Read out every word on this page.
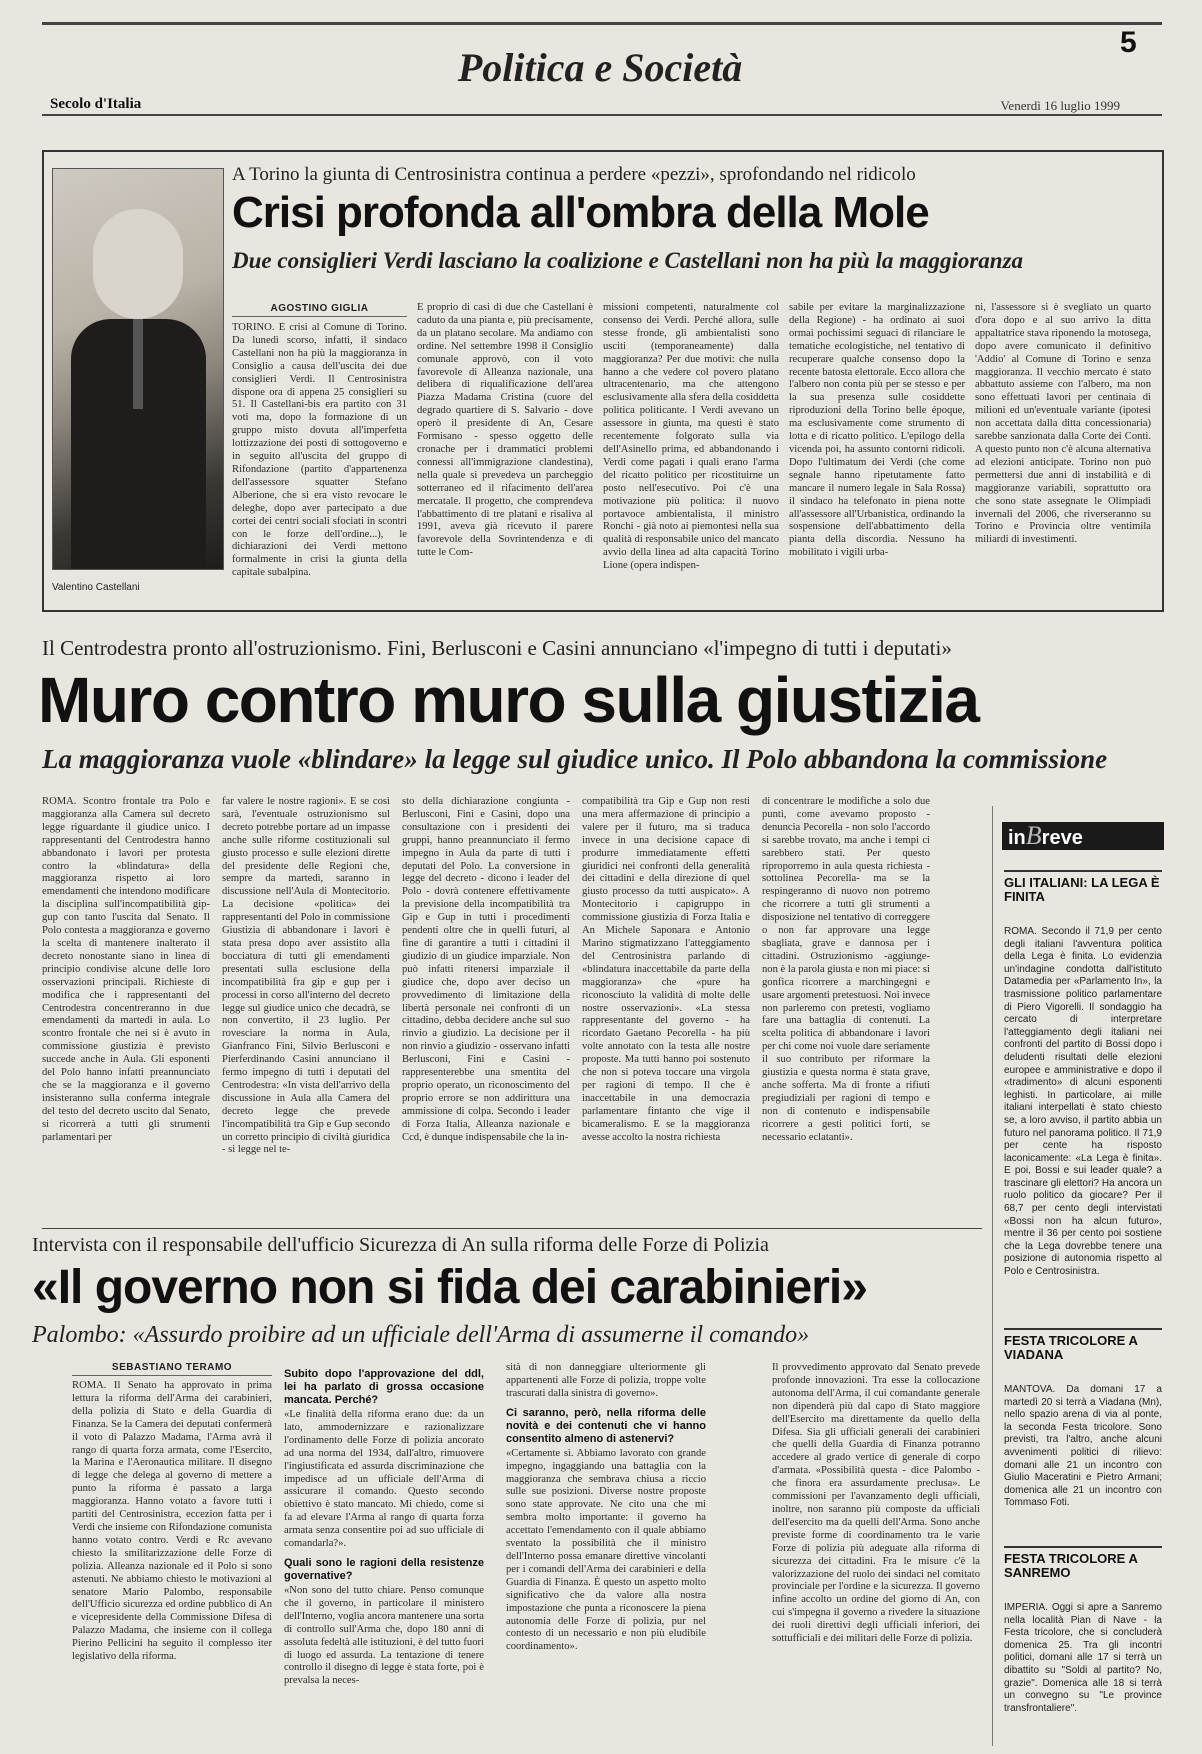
Politica e Società
5
Secolo d'Italia	Venerdì 16 luglio 1999
Valentino Castellani
A Torino la giunta di Centrosinistra continua a perdere «pezzi», sprofondando nel ridicolo
Crisi profonda all'ombra della Mole
Due consiglieri Verdi lasciano la coalizione e Castellani non ha più la maggioranza
AGOSTINO GIGLIA
TORINO. È crisi al Comune di Torino. Da lunedì scorso, infatti, il sindaco Castellani non ha più la maggioranza in Consiglio a causa dell'uscita dei due consiglieri Verdi. Il Centrosinistra dispone ora di appena 25 consiglieri su 51. Il Castellani-bis era partito con 31 voti ma, dopo la formazione di un gruppo misto dovuta all'imperfetta lottizzazione dei posti di sottogoverno e in seguito all'uscita del gruppo di Rifondazione (partito d'appartenenza dell'assessore squatter Stefano Alberione, che si era visto revocare le deleghe, dopo aver partecipato a due cortei dei centri sociali sfociati in scontri con le forze dell'ordine...), le dichiarazioni dei Verdi mettono formalmente in crisi la giunta della capitale subalpina.
E proprio di casi di due che Castellani è caduto da una pianta e, più precisamente, da un platano secolare. Ma andiamo con ordine. Nel settembre 1998 il Consiglio comunale approvò, con il voto favorevole di Alleanza nazionale, una delibera di riqualificazione dell'area Piazza Madama Cristina (cuore del degrado quartiere di S. Salvario - dove operò il presidente di An, Cesare Formisano - spesso oggetto delle cronache per i drammatici problemi connessi all'immigrazione clandestina), nella quale si prevedeva un parcheggio sotterraneo ed il rifacimento dell'area mercatale. Il progetto, che comprendeva l'abbattimento di tre platani e risaliva al 1991, aveva già ricevuto il parere favorevole della Sovrintendenza e di tutte le Com-
missioni competenti, naturalmente col consenso dei Verdi. Perché allora, sulle stesse fronde, gli ambientalisti sono usciti (temporaneamente) dalla maggioranza? Per due motivi: che nulla hanno a che vedere col povero platano ultracentenario, ma che attengono esclusivamente alla sfera della cosiddetta politica politicante. I Verdi avevano un assessore in giunta, ma questi è stato recentemente folgorato sulla via dell'Asinello prima, ed abbandonando i Verdi come pagati i quali erano l'arma del ricatto politico per ricostituirne un posto nell'esecutivo. Poi c'è una motivazione più politica: il nuovo portavoce ambientalista, il ministro Ronchi - già noto ai piemontesi nella sua qualità di responsabile unico del mancato avvio della linea ad alta capacità Torino Lione (opera indispen-
sabile per evitare la marginalizzazione della Regione) - ha ordinato ai suoi ormai pochissimi seguaci di rilanciare le tematiche ecologistiche, nel tentativo di recuperare qualche consenso dopo la recente batosta elettorale. Ecco allora che l'albero non conta più per se stesso e per la sua presenza sulle cosiddette riproduzioni della Torino belle époque, ma esclusivamente come strumento di lotta e di ricatto politico. L'epilogo della vicenda poi, ha assunto contorni ridicoli. Dopo l'ultimatum dei Verdi (che come segnale hanno ripetutamente fatto mancare il numero legale in Sala Rossa) il sindaco ha telefonato in piena notte all'assessore all'Urbanistica, ordinando la sospensione dell'abbattimento della pianta della discordia. Nessuno ha mobilitato i vigili urba-
ni, l'assessore si è svegliato un quarto d'ora dopo e al suo arrivo la ditta appaltatrice stava riponendo la motosega, dopo avere comunicato il definitivo 'Addio' al Comune di Torino e senza maggioranza. Il vecchio mercato è stato abbattuto assieme con l'albero, ma non sono effettuati lavori per centinaia di milioni ed un'eventuale variante (ipotesi non accettata dalla ditta concessionaria) sarebbe sanzionata dalla Corte dei Conti. A questo punto non c'è alcuna alternativa ad elezioni anticipate. Torino non può permettersi due anni di instabilità e di maggioranze variabili, soprattutto ora che sono state assegnate le Olimpiadi invernali del 2006, che riverseranno su Torino e Provincia oltre ventimila miliardi di investimenti.
Il Centrodestra pronto all'ostruzionismo. Fini, Berlusconi e Casini annunciano «l'impegno di tutti i deputati»
Muro contro muro sulla giustizia
La maggioranza vuole «blindare» la legge sul giudice unico. Il Polo abbandona la commissione
ROMA. Scontro frontale tra Polo e maggioranza alla Camera sul decreto legge riguardante il giudice unico. I rappresentanti del Centrodestra hanno abbandonato i lavori per protesta contro la «blindatura» della maggioranza rispetto ai loro emendamenti che intendono modificare la disciplina sull'incompatibilità gip-gup con tanto l'uscita dal Senato. Il Polo contesta a maggioranza e governo la scelta di mantenere inalterato il decreto nonostante siano in linea di principio condivise alcune delle loro osservazioni principali. Richieste di modifica che i rappresentanti del Centrodestra concentreranno in due emendamenti da martedì in aula. Lo scontro frontale che nei si è avuto in commissione giustizia è previsto succede anche in Aula. Gli esponenti del Polo hanno infatti preannunciato che se la maggioranza e il governo insisteranno sulla conferma integrale del testo del decreto uscito dal Senato, si ricorrerà a tutti gli strumenti parlamentari per
far valere le nostre ragioni». E se così sarà, l'eventuale ostruzionismo sul decreto potrebbe portare ad un impasse anche sulle riforme costituzionali sul giusto processo e sulle elezioni dirette del presidente delle Regioni che, sempre da martedì, saranno in discussione nell'Aula di Montecitorio. La decisione «politica» dei rappresentanti del Polo in commissione Giustizia di abbandonare i lavori è stata presa dopo aver assistito alla bocciatura di tutti gli emendamenti presentati sulla esclusione della incompatibilità fra gip e gup per i processi in corso all'interno del decreto legge sul giudice unico che decadrà, se non convertito, il 23 luglio. Per rovesciare la norma in Aula, Gianfranco Fini, Silvio Berlusconi e Pierferdinando Casini annunciano il fermo impegno di tutti i deputati del Centrodestra: «In vista dell'arrivo della discussione in Aula alla Camera del decreto legge che prevede l'incompatibilità tra Gip e Gup secondo un corretto principio di civiltà giuridica - si legge nel te-
sto della dichiarazione congiunta - Berlusconi, Fini e Casini, dopo una consultazione con i presidenti dei gruppi, hanno preannunciato il fermo impegno in Aula da parte di tutti i deputati del Polo. La conversione in legge del decreto - dicono i leader del Polo - dovrà contenere effettivamente la previsione della incompatibilità tra Gip e Gup in tutti i procedimenti pendenti oltre che in quelli futuri, al fine di garantire a tutti i cittadini il giudizio di un giudice imparziale. Non può infatti ritenersi imparziale il giudice che, dopo aver deciso un provvedimento di limitazione della libertà personale nei confronti di un cittadino, debba decidere anche sul suo rinvio a giudizio. La decisione per il non rinvio a giudizio - osservano infatti Berlusconi, Fini e Casini - rappresenterebbe una smentita del proprio operato, un riconoscimento del proprio errore se non addirittura una ammissione di colpa. Secondo i leader di Forza Italia, Alleanza nazionale e Ccd, è dunque indispensabile che la in-
compatibilità tra Gip e Gup non resti una mera affermazione di principio a valere per il futuro, ma si traduca invece in una decisione capace di produrre immediatamente effetti giuridici nei confronti della generalità dei cittadini e della direzione di quel giusto processo da tutti auspicato». A Montecitorio i capigruppo in commissione giustizia di Forza Italia e An Michele Saponara e Antonio Marino stigmatizzano l'atteggiamento del Centrosinistra parlando di «blindatura inaccettabile da parte della maggioranza» che «pure ha riconosciuto la validità di molte delle nostre osservazioni». «La stessa rappresentante del governo - ha ricordato Gaetano Pecorella - ha più volte annotato con la testa alle nostre proposte. Ma tutti hanno poi sostenuto che non si poteva toccare una virgola per ragioni di tempo. Il che è inaccettabile in una democrazia parlamentare fintanto che vige il bicameralismo. E se la maggioranza avesse accolto la nostra richiesta
di concentrare le modifiche a solo due punti, come avevamo proposto - denuncia Pecorella - non solo l'accordo si sarebbe trovato, ma anche i tempi ci sarebbero stati. Per questo riproporremo in aula questa richiesta -sottolinea Pecorella- ma se la respingeranno di nuovo non potremo che ricorrere a tutti gli strumenti a disposizione nel tentativo di correggere o non far approvare una legge sbagliata, grave e dannosa per i cittadini. Ostruzionismo -aggiunge- non è la parola giusta e non mi piace: si gonfica ricorrere a marchingegni e usare argomenti pretestuosi. Noi invece non parleremo con pretesti, vogliamo fare una battaglia di contenuti. La scelta politica di abbandonare i lavori per chi come noi vuole dare seriamente il suo contributo per riformare la giustizia e questa norma è stata grave, anche sofferta. Ma di fronte a rifiuti pregiudiziali per ragioni di tempo e non di contenuto e indispensabile ricorrere a gesti politici forti, se necessario eclatanti».
inBreve
GLI ITALIANI: LA LEGA È FINITA
ROMA. Secondo il 71,9 per cento degli italiani l'avventura politica della Lega è finita. Lo evidenzia un'indagine condotta dall'istituto Datamedia per «Parlamento In», la trasmissione politico parlamentare di Piero Vigorelli. Il sondaggio ha cercato di interpretare l'atteggiamento degli italiani nei confronti del partito di Bossi dopo i deludenti risultati delle elezioni europee e amministrative e dopo il «tradimento» di alcuni esponenti leghisti. In particolare, ai mille italiani interpellati è stato chiesto se, a loro avviso, il partito abbia un futuro nel panorama politico. Il 71,9 per cente ha risposto laconicamente: «La Lega è finita». E poi, Bossi e sui leader quale? a trascinare gli elettori? Ha ancora un ruolo politico da giocare? Per il 68,7 per cento degli intervistati «Bossi non ha alcun futuro», mentre il 36 per cento poi sostiene che la Lega dovrebbe tenere una posizione di autonomia rispetto al Polo e Centrosinistra.
FESTA TRICOLORE A VIADANA
MANTOVA. Da domani 17 a martedì 20 si terrà a Viadana (Mn), nello spazio arena di via al ponte, la seconda Festa tricolore. Sono previsti, tra l'altro, anche alcuni avvenimenti politici di rilievo: domani alle 21 un incontro con Giulio Maceratini e Pietro Armani; domenica alle 21 un incontro con Tommaso Foti.
FESTA TRICOLORE A SANREMO
IMPERIA. Oggi si apre a Sanremo nella località Pian di Nave - la Festa tricolore, che si concluderà domenica 25. Tra gli incontri politici, domani alle 17 si terrà un dibattito su "Soldi al partito? No, grazie". Domenica alle 18 si terrà un convegno su "Le province transfrontaliere".
Intervista con il responsabile dell'ufficio Sicurezza di An sulla riforma delle Forze di Polizia
«Il governo non si fida dei carabinieri»
Palombo: «Assurdo proibire ad un ufficiale dell'Arma di assumerne il comando»
SEBASTIANO TERAMO
ROMA. Il Senato ha approvato in prima lettura la riforma dell'Arma dei carabinieri, della polizia di Stato e della Guardia di Finanza. Se la Camera dei deputati confermerà il voto di Palazzo Madama, l'Arma avrà il rango di quarta forza armata, come l'Esercito, la Marina e l'Aeronautica militare. Il disegno di legge che delega al governo di mettere a punto la riforma è passato a larga maggioranza. Hanno votato a favore tutti i partiti del Centrosinistra, eccezion fatta per i Verdi che insieme con Rifondazione comunista hanno votato contro. Verdi e Rc avevano chiesto la smilitarizzazione delle Forze di polizia. Alleanza nazionale ed il Polo si sono astenuti. Ne abbiamo chiesto le motivazioni al senatore Mario Palombo, responsabile dell'Ufficio sicurezza ed ordine pubblico di An e vicepresidente della Commissione Difesa di Palazzo Madama, che insieme con il collega Pierino Pellicini ha seguito il complesso iter legislativo della riforma.
Subito dopo l'approvazione del ddl, lei ha parlato di grossa occasione mancata. Perché?

«Le finalità della riforma erano due: da un lato, ammodernizzare e razionalizzare l'ordinamento delle Forze di polizia ancorato ad una norma del 1934, dall'altro, rimuovere l'ingiustificata ed assurda discriminazione che impedisce ad un ufficiale dell'Arma di assicurare il comando. Questo secondo obiettivo è stato mancato. Mi chiedo, come si fa ad elevare l'Arma al rango di quarta forza armata senza consentire poi ad suo ufficiale di comandarla?».

Quali sono le ragioni della resistenze governative?

«Non sono del tutto chiare. Penso comunque che il governo, in particolare il ministero dell'Interno, voglia ancora mantenere una sorta di controllo sull'Arma che, dopo 180 anni di assoluta fedeltà alle istituzioni, è del tutto fuori di luogo ed assurda. La tentazione di tenere controllo il disegno di legge è stata forte, poi è prevalsa la neces-

sità di non danneggiare ulteriormente gli appartenenti alle Forze di polizia, troppe volte trascurati dalla sinistra di governo».

Ci saranno, però, nella riforma delle novità e dei contenuti che vi hanno consentito almeno di astenervi?

«Certamente sì. Abbiamo lavorato con grande impegno, ingaggiando una battaglia con la maggioranza che sembrava chiusa a riccio sulle sue posizioni. Diverse nostre proposte sono state approvate. Ne cito una che mi sembra molto importante: il governo ha accettato l'emendamento con il quale abbiamo sventato la possibilità che il ministro dell'Interno possa emanare direttive vincolanti per i comandi dell'Arma dei carabinieri e della Guardia di Finanza. È questo un aspetto molto significativo che da valore alla nostra impostazione che punta a riconoscere la piena autonomia delle Forze di polizia, pur nel contesto di un necessario e non più eludibile coordinamento».

Il provvedimento approvato dal Senato prevede profonde innovazioni. Tra esse la collocazione autonoma dell'Arma, il cui comandante generale non dipenderà più dal capo di Stato maggiore dell'Esercito ma direttamente da quello della Difesa. Sia gli ufficiali generali dei carabinieri che quelli della Guardia di Finanza potranno accedere al grado vertice di generale di corpo d'armata. «Possibilità questa - dice Palombo - che finora era assurdamente preclusa». Le commissioni per l'avanzamento degli ufficiali, inoltre, non saranno più composte da ufficiali dell'esercito ma da quelli dell'Arma. Sono anche previste forme di coordinamento tra le varie Forze di polizia più adeguate alla riforma di sicurezza dei cittadini. Fra le misure c'è la valorizzazione del ruolo dei sindaci nel comitato provinciale per l'ordine e la sicurezza. Il governo infine accolto un ordine del giorno di An, con cui s'impegna il governo a rivedere la situazione dei ruoli direttivi degli ufficiali inferiori, dei sottufficiali e dei militari delle Forze di polizia.
